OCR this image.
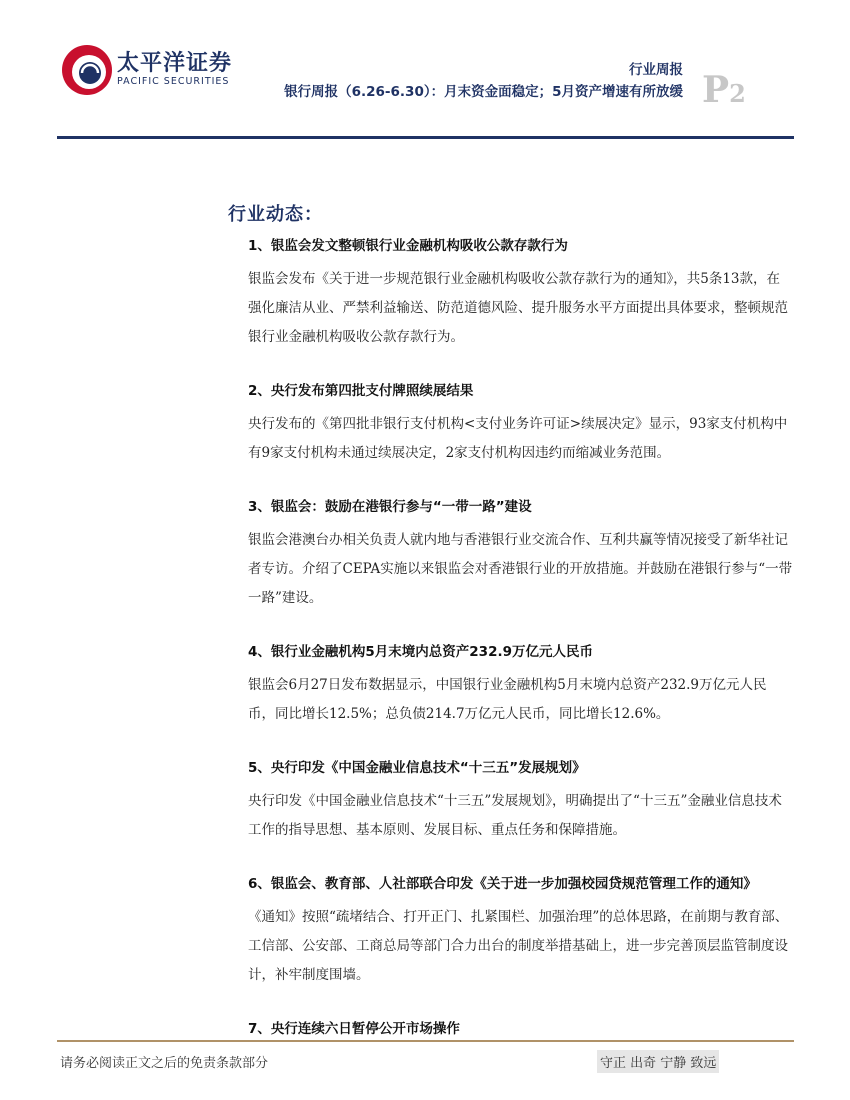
太平洋证券
PACIFIC SECURITIES
行业周报
银行周报（6.26-6.30）：月末资金面稳定；5月资产增速有所放缓 P2
行业动态：
1、银监会发文整顿银行业金融机构吸收公款存款行为
银监会发布《关于进一步规范银行业金融机构吸收公款存款行为的通知》，共5条13款，在强化廉洁从业、严禁利益输送、防范道德风险、提升服务水平方面提出具体要求，整顿规范银行业金融机构吸收公款存款行为。
2、央行发布第四批支付牌照续展结果
央行发布的《第四批非银行支付机构<支付业务许可证>续展决定》显示，93家支付机构中有9家支付机构未通过续展决定，2家支付机构因违约而缩减业务范围。
3、银监会：鼓励在港银行参与“一带一路”建设
银监会港澳台办相关负责人就内地与香港银行业交流合作、互利共赢等情况接受了新华社记者专访。介绍了CEPA实施以来银监会对香港银行业的开放措施。并鼓励在港银行参与“一带一路”建设。
4、银行业金融机构5月末境内总资产232.9万亿元人民币
银监会6月27日发布数据显示，中国银行业金融机构5月末境内总资产232.9万亿元人民币，同比增长12.5%；总负债214.7万亿元人民币，同比增长12.6%。
5、央行印发《中国金融业信息技术“十三五”发展规划》
央行印发《中国金融业信息技术“十三五”发展规划》，明确提出了“十三五”金融业信息技术工作的指导思想、基本原则、发展目标、重点任务和保障措施。
6、银监会、教育部、人社部联合印发《关于进一步加强校园贷规范管理工作的通知》
《通知》按照“疏堵结合、打开正门、扎紧围栏、加强治理”的总体思路，在前期与教育部、工信部、公安部、工商总局等部门合力出台的制度举措基础上，进一步完善顶层监管制度设计，补牢制度围墙。
7、央行连续六日暂停公开市场操作
请务必阅读正文之后的免责条款部分	守正 出奇 宁静 致远
